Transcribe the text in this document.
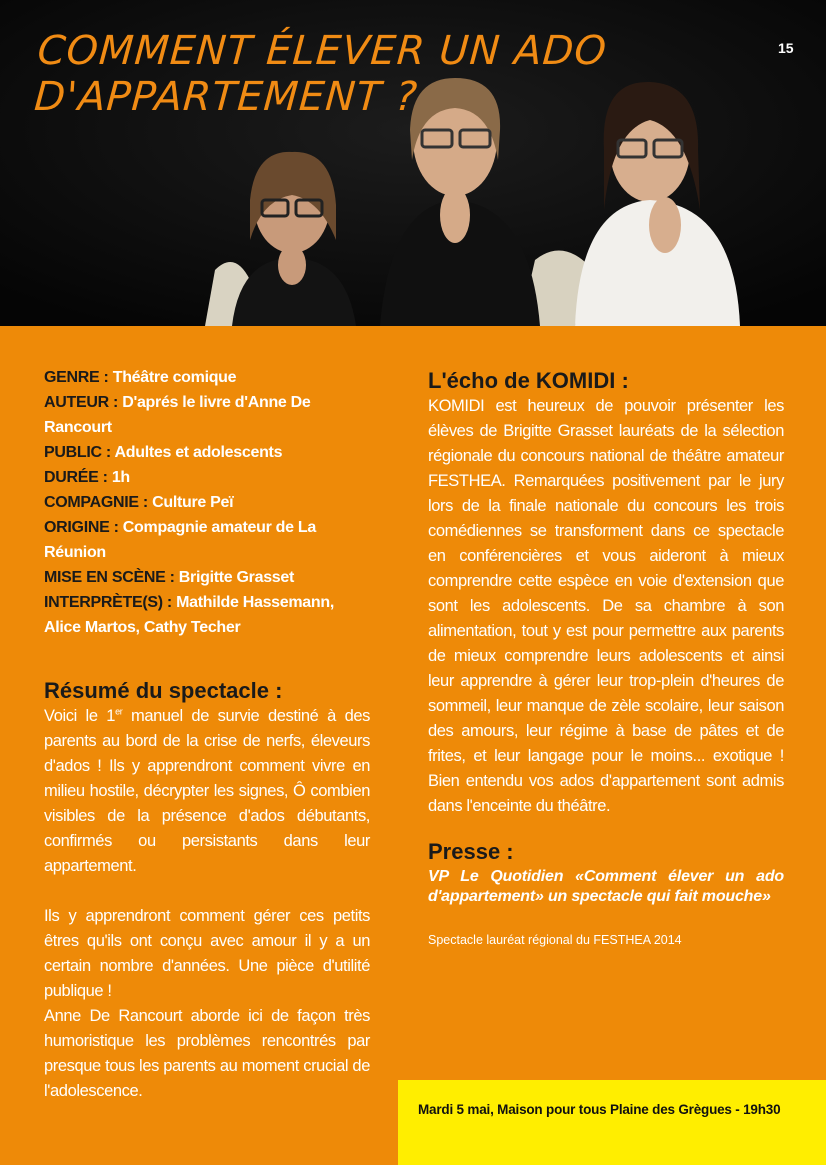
COMMENT ÉLEVER UN ADO
D'APPARTEMENT ?
15
GENRE : Théâtre comique
AUTEUR : D'aprés le livre d'Anne De Rancourt
PUBLIC : Adultes et adolescents
DURÉE : 1h
COMPAGNIE : Culture Peï
ORIGINE : Compagnie amateur de La Réunion
MISE EN SCÈNE : Brigitte Grasset
INTERPRÈTE(S) : Mathilde Hassemann, Alice Martos, Cathy Techer
Résumé du spectacle :

Voici le 1er manuel de survie destiné à des parents au bord de la crise de nerfs, éleveurs d'ados ! Ils y apprendront comment vivre en milieu hostile, décrypter les signes, Ô combien visibles de la présence d'ados débutants, confirmés ou persistants dans leur appartement.

Ils y apprendront comment gérer ces petits êtres qu'ils ont conçu avec amour il y a un certain nombre d'années. Une pièce d'utilité publique !
Anne De Rancourt aborde ici de façon très humoristique les problèmes rencontrés par presque tous les parents au moment crucial de l'adolescence.

L'écho de KOMIDI :

KOMIDI est heureux de pouvoir présenter les élèves de Brigitte Grasset lauréats de la sélection régionale du concours national de théâtre amateur FESTHEA. Remarquées positivement par le jury lors de la finale nationale du concours les trois comédiennes se transforment dans ce spectacle en conférencières et vous aideront à mieux comprendre cette espèce en voie d'extension que sont les adolescents. De sa chambre à son alimentation, tout y est pour permettre aux parents de mieux comprendre leurs adolescents et ainsi leur apprendre à gérer leur trop-plein d'heures de sommeil, leur manque de zèle scolaire, leur saison des amours, leur régime à base de pâtes et de frites, et leur langage pour le moins... exotique ! Bien entendu vos ados d'appartement sont admis dans l'enceinte du théâtre.

Presse :

VP Le Quotidien «Comment élever un ado d'appartement» un spectacle qui fait mouche»

Spectacle lauréat régional du FESTHEA 2014

Mardi 5 mai, Maison pour tous Plaine des Grègues - 19h30
